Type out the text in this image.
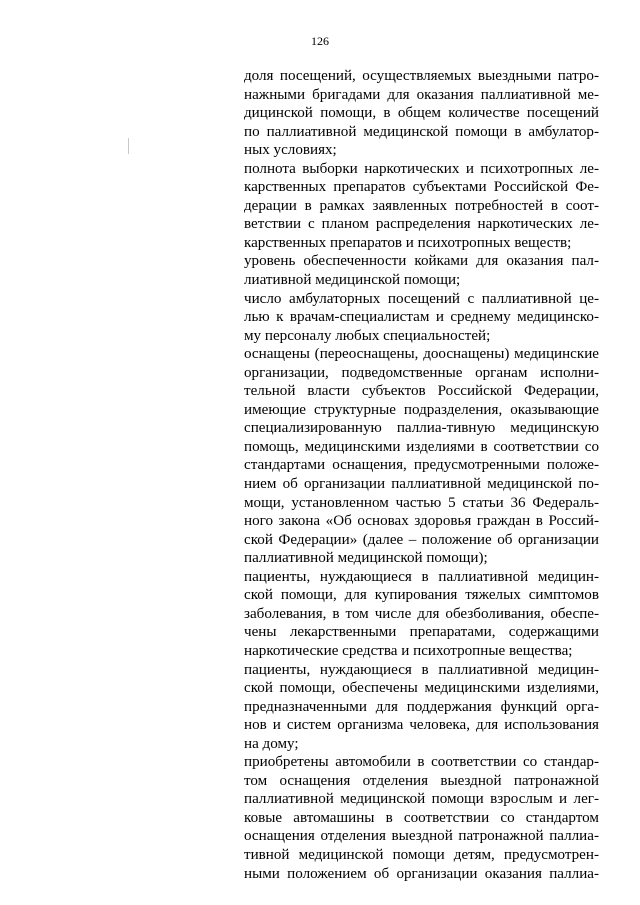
126
доля посещений, осуществляемых выездными патро-
нажными бригадами для оказания паллиативной ме-
дицинской помощи, в общем количестве посещений
по паллиативной медицинской помощи в амбулатор-
ных условиях;
полнота выборки наркотических и психотропных ле-
карственных препаратов субъектами Российской Фе-
дерации в рамках заявленных потребностей в соот-
ветствии с планом распределения наркотических ле-
карственных препаратов и психотропных веществ;
уровень обеспеченности койками для оказания пал-
лиативной медицинской помощи;
число амбулаторных посещений с паллиативной це-
лью к врачам-специалистам и среднему медицинско-
му персоналу любых специальностей;
оснащены (переоснащены, дооснащены) медицинские
организации, подведомственные органам исполни-
тельной власти субъектов Российской Федерации,
имеющие структурные подразделения, оказывающие
специализированную паллиа-тивную медицинскую
помощь, медицинскими изделиями в соответствии со
стандартами оснащения, предусмотренными положе-
нием об организации паллиативной медицинской по-
мощи, установленном частью 5 статьи 36 Федераль-
ного закона «Об основах здоровья граждан в Россий-
ской Федерации» (далее – положение об организации
паллиативной медицинской помощи);
пациенты, нуждающиеся в паллиативной медицин-
ской помощи, для купирования тяжелых симптомов
заболевания, в том числе для обезболивания, обеспе-
чены лекарственными препаратами, содержащими
наркотические средства и психотропные вещества;
пациенты, нуждающиеся в паллиативной медицин-
ской помощи, обеспечены медицинскими изделиями,
предназначенными для поддержания функций орга-
нов и систем организма человека, для использования
на дому;
приобретены автомобили в соответствии со стандар-
том оснащения отделения выездной патронажной
паллиативной медицинской помощи взрослым и лег-
ковые автомашины в соответствии со стандартом
оснащения отделения выездной патронажной паллиа-
тивной медицинской помощи детям, предусмотрен-
ными положением об организации оказания паллиа-
